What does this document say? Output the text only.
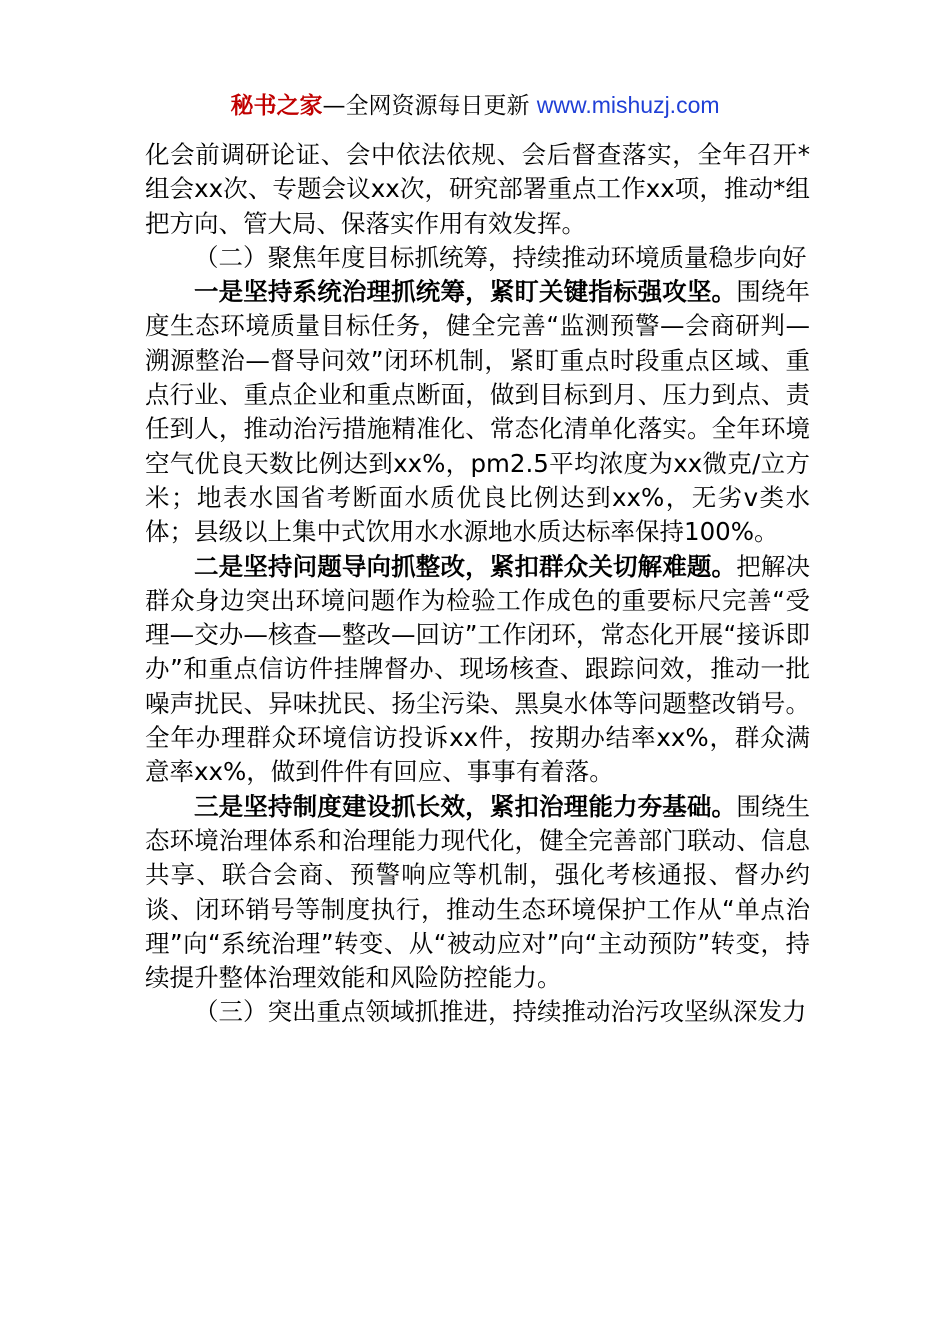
秘书之家—全网资源每日更新 www.mishuzj.com

化会前调研论证、会中依法依规、会后督查落实，全年召开*组会xx次、专题会议xx次，研究部署重点工作xx项，推动*组把方向、管大局、保落实作用有效发挥。

（二）聚焦年度目标抓统筹，持续推动环境质量稳步向好

一是坚持系统治理抓统筹，紧盯关键指标强攻坚。围绕年度生态环境质量目标任务，健全完善“监测预警—会商研判—溯源整治—督导问效”闭环机制，紧盯重点时段重点区域、重点行业、重点企业和重点断面，做到目标到月、压力到点、责任到人，推动治污措施精准化、常态化清单化落实。全年环境空气优良天数比例达到xx%，pm2.5平均浓度为xx微克/立方米；地表水国省考断面水质优良比例达到xx%，无劣ⅴ类水体；县级以上集中式饮用水水源地水质达标率保持100%。

二是坚持问题导向抓整改，紧扣群众关切解难题。把解决群众身边突出环境问题作为检验工作成色的重要标尺完善“受理—交办—核查—整改—回访”工作闭环，常态化开展“接诉即办”和重点信访件挂牌督办、现场核查、跟踪问效，推动一批噪声扰民、异味扰民、扬尘污染、黑臭水体等问题整改销号。全年办理群众环境信访投诉xx件，按期办结率xx%，群众满意率xx%，做到件件有回应、事事有着落。

三是坚持制度建设抓长效，紧扣治理能力夯基础。围绕生态环境治理体系和治理能力现代化，健全完善部门联动、信息共享、联合会商、预警响应等机制，强化考核通报、督办约谈、闭环销号等制度执行，推动生态环境保护工作从“单点治理”向“系统治理”转变、从“被动应对”向“主动预防”转变，持续提升整体治理效能和风险防控能力。

（三）突出重点领域抓推进，持续推动治污攻坚纵深发力
